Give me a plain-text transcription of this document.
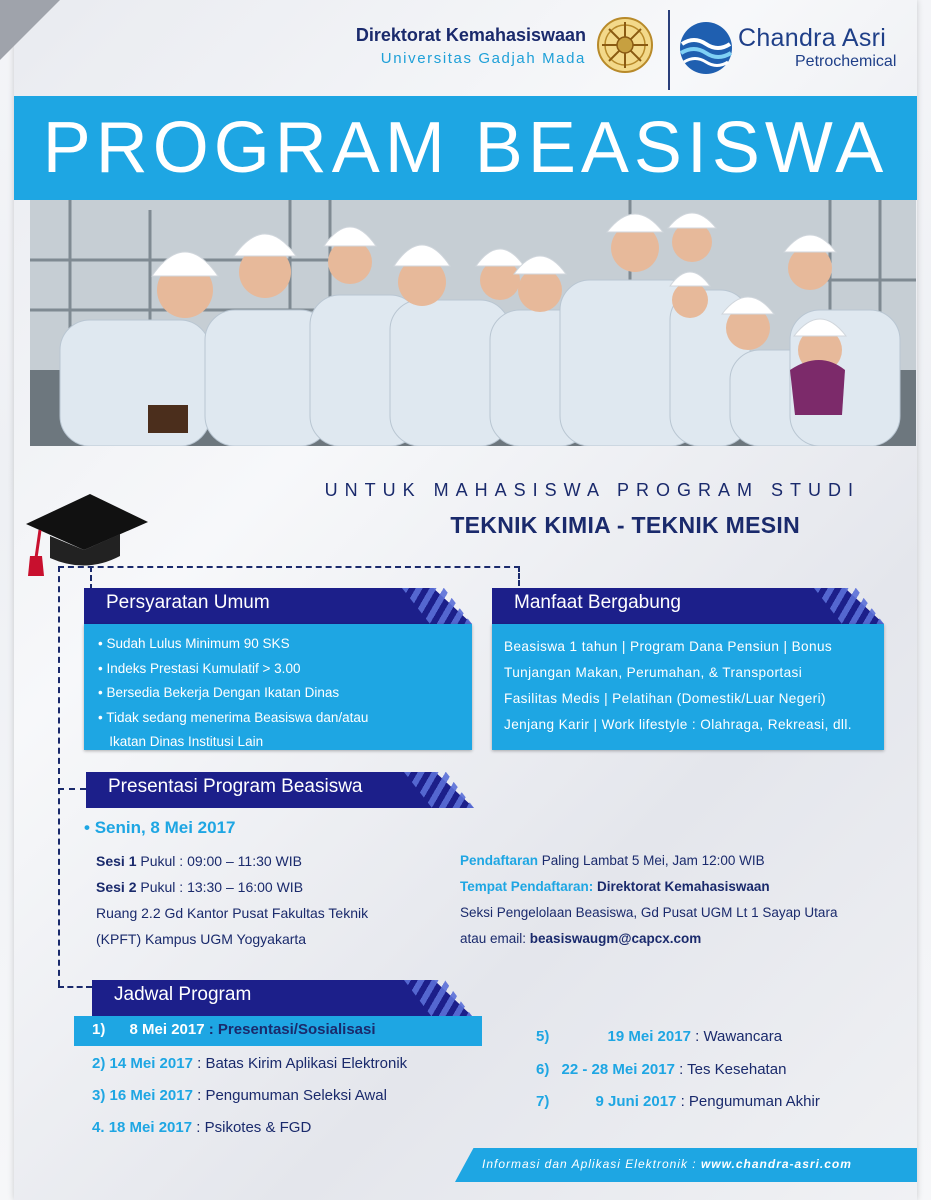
Direktorat Kemahasiswaan
Universitas Gadjah Mada
Chandra Asri
Petrochemical
PROGRAM BEASISWA
UNTUK MAHASISWA PROGRAM STUDI
TEKNIK KIMIA - TEKNIK MESIN
Persyaratan Umum
• Sudah Lulus Minimum 90 SKS
• Indeks Prestasi Kumulatif > 3.00
• Bersedia Bekerja Dengan Ikatan Dinas
• Tidak sedang menerima Beasiswa dan/atau
Ikatan Dinas Institusi Lain
Manfaat Bergabung
Beasiswa 1 tahun | Program Dana Pensiun | Bonus
Tunjangan Makan, Perumahan, & Transportasi
Fasilitas Medis | Pelatihan (Domestik/Luar Negeri)
Jenjang Karir | Work lifestyle : Olahraga, Rekreasi, dll.
Presentasi Program Beasiswa
• Senin, 8 Mei 2017
Sesi 1 Pukul : 09:00 – 11:30 WIB
Sesi 2 Pukul : 13:30 – 16:00 WIB
Ruang 2.2 Gd Kantor Pusat Fakultas Teknik
(KPFT) Kampus UGM Yogyakarta
Pendaftaran Paling Lambat 5 Mei, Jam 12:00 WIB
Tempat Pendaftaran: Direktorat Kemahasiswaan
Seksi Pengelolaan Beasiswa, Gd Pusat UGM Lt 1 Sayap Utara
atau email: beasiswaugm@capcx.com
Jadwal Program
1) 8 Mei 2017 : Presentasi/Sosialisasi
2) 14 Mei 2017 : Batas Kirim Aplikasi Elektronik
3) 16 Mei 2017 : Pengumuman Seleksi Awal
4. 18 Mei 2017 : Psikotes & FGD
5)	19 Mei 2017 : Wawancara
6) 22 - 28 Mei 2017 : Tes Kesehatan
7)	9 Juni 2017 : Pengumuman Akhir
Informasi dan Aplikasi Elektronik : www.chandra-asri.com
